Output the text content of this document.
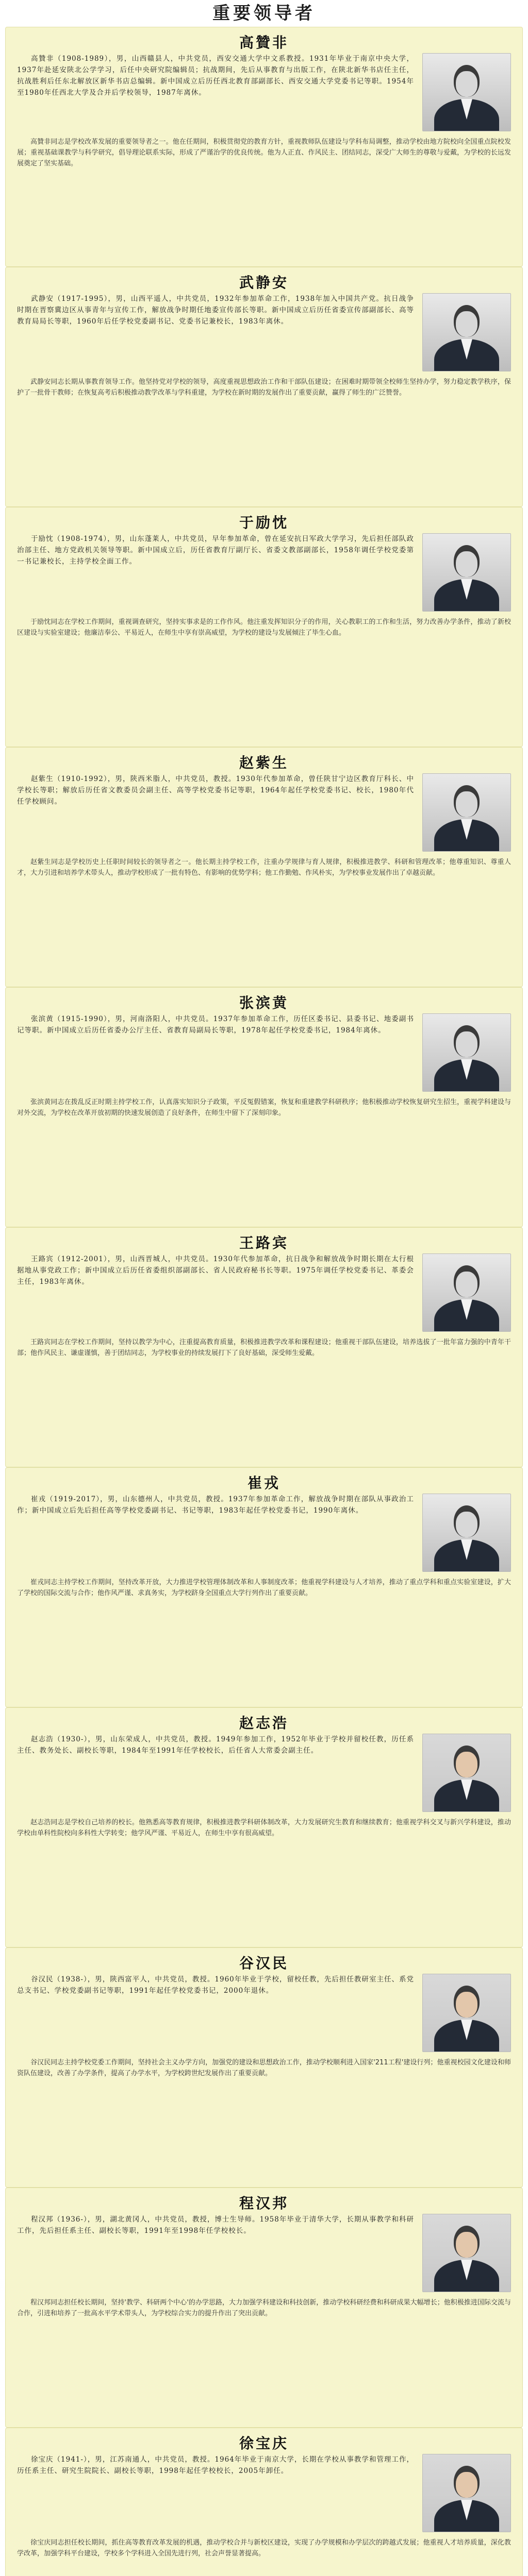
重要领导者
高贊非

高贊非（1908-1989），男，山西赣县人，中共党员，西安交通大学中文系教授。1931年毕业于南京中央大学，1937年赴延安陕北公学学习，后任中央研究院编辑员；抗战期间，先后从事教育与出版工作，在陕北新华书店任主任，抗战胜利后任东北解放区新华书店总编辑。新中国成立后历任西北教育部副部长、西安交通大学党委书记等职。1954年至1980年任西北大学及合并后学校领导，1987年离休。

高贊非同志是学校改革发展的重要领导者之一。他在任期间，积极贯彻党的教育方针，重视教师队伍建设与学科布局调整，推动学校由地方院校向全国重点院校发展；重视基础课教学与科学研究，倡导理论联系实际，形成了严谨治学的优良传统。他为人正直、作风民主、团结同志，深受广大师生的尊敬与爱戴，为学校的长远发展奠定了坚实基础。

武静安

武静安（1917-1995），男，山西平遥人，中共党员，1932年参加革命工作，1938年加入中国共产党。抗日战争时期在晋察冀边区从事青年与宣传工作，解放战争时期任地委宣传部长等职。新中国成立后历任省委宣传部副部长、高等教育局局长等职，1960年后任学校党委副书记、党委书记兼校长，1983年离休。

武静安同志长期从事教育领导工作。他坚持党对学校的领导，高度重视思想政治工作和干部队伍建设；在困难时期带领全校师生坚持办学，努力稳定教学秩序，保护了一批骨干教师；在恢复高考后积极推动教学改革与学科重建，为学校在新时期的发展作出了重要贡献，赢得了师生的广泛赞誉。

于励忱

于励忱（1908-1974），男，山东蓬莱人，中共党员，早年参加革命，曾在延安抗日军政大学学习，先后担任部队政治部主任、地方党政机关领导等职。新中国成立后，历任省教育厅副厅长、省委文教部副部长，1958年调任学校党委第一书记兼校长，主持学校全面工作。

于励忱同志在学校工作期间，重视调查研究，坚持实事求是的工作作风。他注重发挥知识分子的作用，关心教职工的工作和生活，努力改善办学条件，推动了新校区建设与实验室建设；他廉洁奉公、平易近人，在师生中享有崇高威望，为学校的建设与发展倾注了毕生心血。

赵紫生

赵紫生（1910-1992），男，陕西米脂人，中共党员，教授。1930年代参加革命，曾任陕甘宁边区教育厅科长、中学校长等职；解放后历任省文教委员会副主任、高等学校党委书记等职，1964年起任学校党委书记、校长，1980年代任学校顾问。

赵紫生同志是学校历史上任职时间较长的领导者之一。他长期主持学校工作，注重办学规律与育人规律，积极推进教学、科研和管理改革；他尊重知识、尊重人才，大力引进和培养学术带头人，推动学校形成了一批有特色、有影响的优势学科；他工作勤勉、作风朴实，为学校事业发展作出了卓越贡献。

张滨黄

张滨黄（1915-1990），男，河南洛阳人，中共党员。1937年参加革命工作，历任区委书记、县委书记、地委副书记等职。新中国成立后历任省委办公厅主任、省教育局副局长等职，1978年起任学校党委书记，1984年离休。

张滨黄同志在拨乱反正时期主持学校工作，认真落实知识分子政策，平反冤假错案，恢复和重建教学科研秩序；他积极推动学校恢复研究生招生，重视学科建设与对外交流，为学校在改革开放初期的快速发展创造了良好条件，在师生中留下了深刻印象。

王路宾

王路宾（1912-2001），男，山西晋城人，中共党员。1930年代参加革命，抗日战争和解放战争时期长期在太行根据地从事党政工作；新中国成立后历任省委组织部副部长、省人民政府秘书长等职。1975年调任学校党委书记、革委会主任，1983年离休。

王路宾同志在学校工作期间，坚持以教学为中心，注重提高教育质量，积极推进教学改革和课程建设；他重视干部队伍建设，培养选拔了一批年富力强的中青年干部；他作风民主、谦虚谨慎，善于团结同志，为学校事业的持续发展打下了良好基础，深受师生爱戴。

崔戎

崔戎（1919-2017），男，山东德州人，中共党员，教授。1937年参加革命工作，解放战争时期在部队从事政治工作；新中国成立后先后担任高等学校党委副书记、书记等职，1983年起任学校党委书记，1990年离休。

崔戎同志主持学校工作期间，坚持改革开放，大力推进学校管理体制改革和人事制度改革；他重视学科建设与人才培养，推动了重点学科和重点实验室建设，扩大了学校的国际交流与合作；他作风严谨、求真务实，为学校跻身全国重点大学行列作出了重要贡献。

赵志浩

赵志浩（1930-），男，山东荣成人，中共党员，教授。1949年参加工作，1952年毕业于学校并留校任教，历任系主任、教务处长、副校长等职，1984年至1991年任学校校长，后任省人大常委会副主任。

赵志浩同志是学校自己培养的校长。他熟悉高等教育规律，积极推进教学科研体制改革，大力发展研究生教育和继续教育；他重视学科交叉与新兴学科建设，推动学校由单科性院校向多科性大学转变；他学风严谨、平易近人，在师生中享有很高威望。

谷汉民

谷汉民（1938-），男，陕西富平人，中共党员，教授。1960年毕业于学校，留校任教，先后担任教研室主任、系党总支书记、学校党委副书记等职，1991年起任学校党委书记，2000年退休。

谷汉民同志主持学校党委工作期间，坚持社会主义办学方向，加强党的建设和思想政治工作，推动学校顺利进入国家'211工程'建设行列；他重视校园文化建设和师资队伍建设，改善了办学条件，提高了办学水平，为学校跨世纪发展作出了重要贡献。

程汉邦

程汉邦（1936-），男，湖北黄冈人，中共党员，教授，博士生导师。1958年毕业于清华大学，长期从事教学和科研工作，先后担任系主任、副校长等职，1991年至1998年任学校校长。

程汉邦同志担任校长期间，坚持'教学、科研两个中心'的办学思路，大力加强学科建设和科技创新，推动学校科研经费和科研成果大幅增长；他积极推进国际交流与合作，引进和培养了一批高水平学术带头人，为学校综合实力的提升作出了突出贡献。

徐宝庆

徐宝庆（1941-），男，江苏南通人，中共党员，教授。1964年毕业于南京大学，长期在学校从事教学和管理工作，历任系主任、研究生院院长、副校长等职，1998年起任学校校长，2005年卸任。

徐宝庆同志担任校长期间，抓住高等教育改革发展的机遇，推动学校合并与新校区建设，实现了办学规模和办学层次的跨越式发展；他重视人才培养质量，深化教学改革，加强学科平台建设，学校多个学科进入全国先进行列，社会声誉显著提高。
